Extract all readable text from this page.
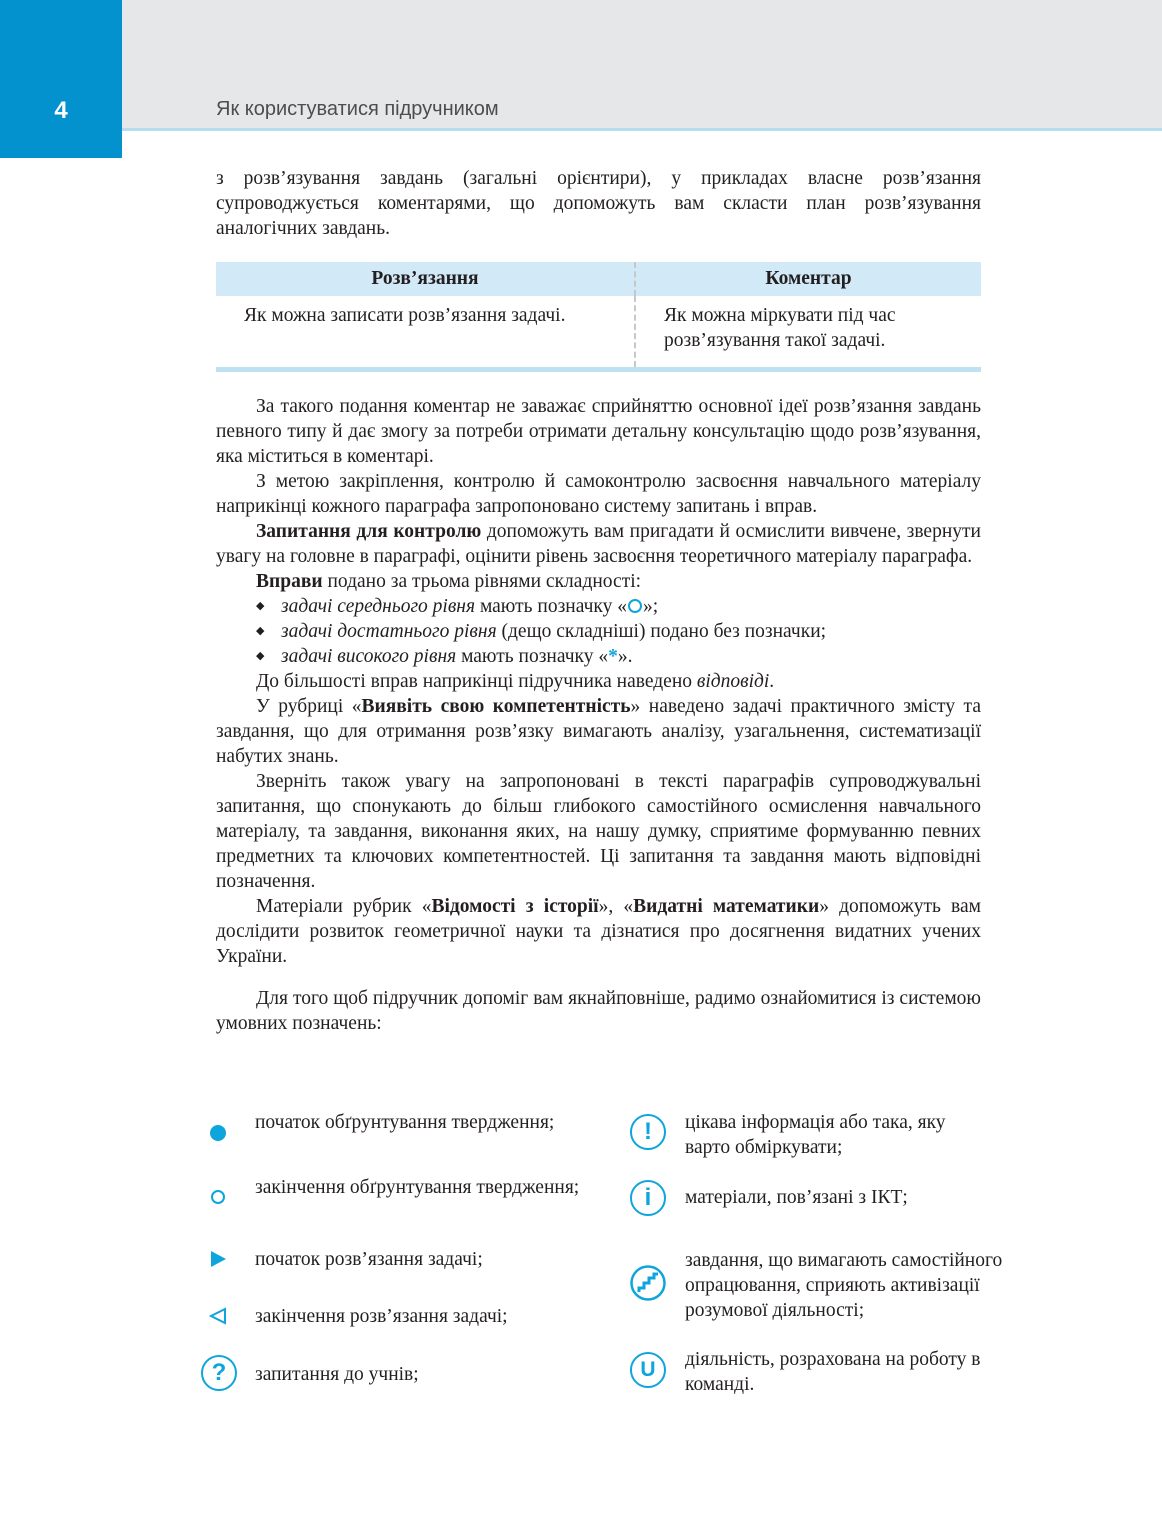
4	Як користуватися підручником

з розв’язування завдань (загальні орієнтири), у прикладах власне розв’язання супроводжується коментарями, що допоможуть вам скласти план розв’язування аналогічних завдань.

Розв’язання	Коментар
Як можна записати розв’язання задачі.	Як можна міркувати під час розв’язування такої задачі.

За такого подання коментар не заважає сприйняттю основної ідеї розв’язання завдань певного типу й дає змогу за потреби отримати детальну консультацію щодо розв’язування, яка міститься в коментарі.

З метою закріплення, контролю й самоконтролю засвоєння навчального матеріалу наприкінці кожного параграфа запропоновано систему запитань і вправ.

Запитання для контролю допоможуть вам пригадати й осмислити вивчене, звернути увагу на головне в параграфі, оцінити рівень засвоєння теоретичного матеріалу параграфа.

Вправи подано за трьома рівнями складності:

◆ задачі середнього рівня мають позначку « »;
◆ задачі достатнього рівня (дещо складніші) подано без позначки;
◆ задачі високого рівня мають позначку «*».

До більшості вправ наприкінці підручника наведено відповіді.

У рубриці «Виявіть свою компетентність» наведено задачі практичного змісту та завдання, що для отримання розв’язку вимагають аналізу, узагальнення, систематизації набутих знань.

Зверніть також увагу на запропоновані в тексті параграфів супроводжувальні запитання, що спонукають до більш глибокого самостійного осмислення навчального матеріалу, та завдання, виконання яких, на нашу думку, сприятиме формуванню певних предметних та ключових компетентностей. Ці запитання та завдання мають відповідні позначення.

Матеріали рубрик «Відомості з історії», «Видатні математики» допоможуть вам дослідити розвиток геометричної науки та дізнатися про досягнення видатних учених України.

Для того щоб підручник допоміг вам якнайповніше, радимо ознайомитися із системою умовних позначень:

початок обґрунтування твердження;
закінчення обґрунтування твердження;
початок розв’язання задачі;
закінчення розв’язання задачі;
запитання до учнів;
?
цікава інформація або така, яку варто обміркувати;
!
матеріали, пов’язані з ІКТ;
i
завдання, що вимагають самостійного опрацювання, сприяють активізації розумової діяльності;
діяльність, розрахована на роботу в команді.
U
